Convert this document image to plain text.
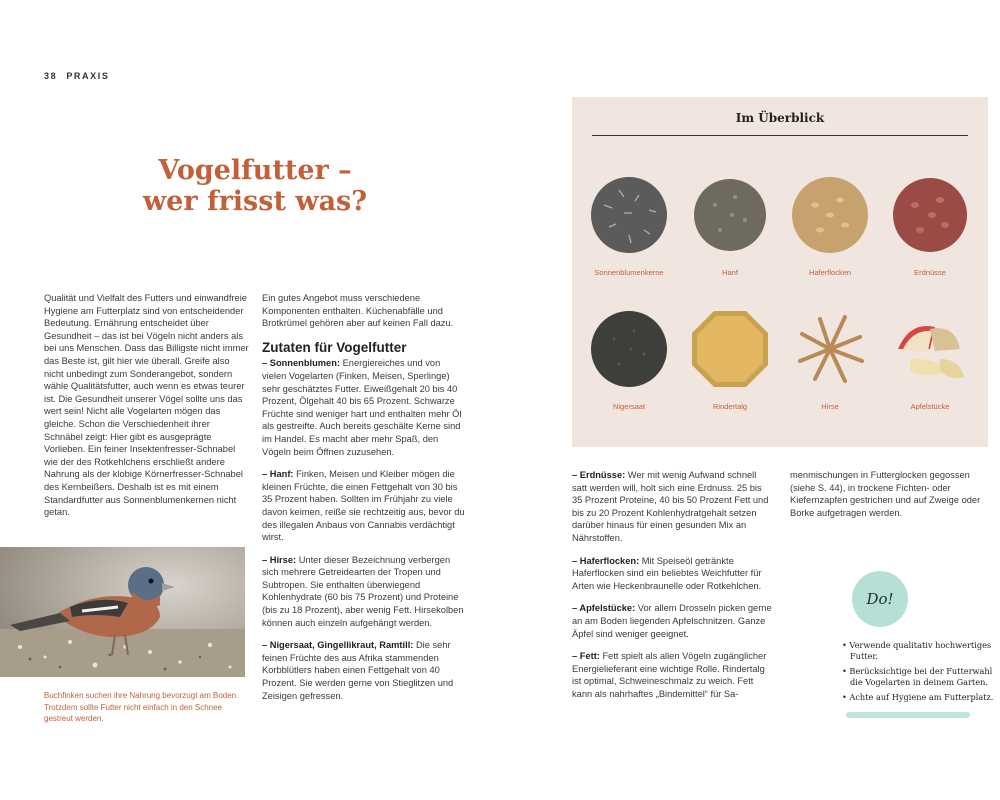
38 PRAXIS
Vogelfutter –
wer frisst was?

Qualität und Vielfalt des Futters und einwandfreie Hygiene am Futterplatz sind von entscheidender Bedeutung. Ernährung entscheidet über Gesundheit – das ist bei Vögeln nicht anders als bei uns Menschen. Dass das Billigste nicht immer das Beste ist, gilt hier wie überall. Greife also nicht unbedingt zum Sonderangebot, sondern wähle Qualitätsfutter, auch wenn es etwas teurer ist. Die Gesundheit unserer Vögel sollte uns das wert sein! Nicht alle Vogelarten mögen das gleiche. Schon die Verschiedenheit ihrer Schnäbel zeigt: Hier gibt es ausgeprägte Vorlieben. Ein feiner Insektenfresser-Schnabel wie der des Rotkehlchens erschließt andere Nahrung als der klobige Körnerfresser-Schnabel des Kernbeißers. Deshalb ist es mit einem Standardfutter aus Sonnenblumenkernen nicht getan.

Buchfinken suchen ihre Nahrung bevorzugt am Boden. Trotzdem sollte Futter nicht einfach in den Schnee gestreut werden.

Ein gutes Angebot muss verschiedene Komponenten enthalten. Küchenabfälle und Brotkrümel gehören aber auf keinen Fall dazu.

Zutaten für Vogelfutter

– Sonnenblumen: Energiereiches und von vielen Vogelarten (Finken, Meisen, Sperlinge) sehr geschätztes Futter. Eiweißgehalt 20 bis 40 Prozent, Ölgehalt 40 bis 65 Prozent. Schwarze Früchte sind weniger hart und enthalten mehr Öl als gestreifte. Auch bereits geschälte Kerne sind im Handel. Es macht aber mehr Spaß, den Vögeln beim Öffnen zuzusehen.

– Hanf: Finken, Meisen und Kleiber mögen die kleinen Früchte, die einen Fettgehalt von 30 bis 35 Prozent haben. Sollten im Frühjahr zu viele davon keimen, reiße sie rechtzeitig aus, bevor du des illegalen Anbaus von Cannabis verdächtigt wirst.

– Hirse: Unter dieser Bezeichnung verbergen sich mehrere Getreidearten der Tropen und Subtropen. Sie enthalten überwiegend Kohlenhydrate (60 bis 75 Prozent) und Proteine (bis zu 18 Prozent), aber wenig Fett. Hirsekolben können auch einzeln aufgehängt werden.

– Nigersaat, Gingellikraut, Ramtill: Die sehr feinen Früchte des aus Afrika stammenden Korbblütlers haben einen Fettgehalt von 40 Prozent. Sie werden gerne von Stieglitzen und Zeisigen gefressen.

Im Überblick
Sonnenblumenkerne	Hanf	Haferflocken	Erdnüsse
Nigersaat	Rindertalg	Hirse	Apfelstücke

– Erdnüsse: Wer mit wenig Aufwand schnell satt werden will, holt sich eine Erdnuss. 25 bis 35 Prozent Proteine, 40 bis 50 Prozent Fett und bis zu 20 Prozent Kohlenhydratgehalt setzen darüber hinaus für einen gesunden Mix an Nährstoffen.

– Haferflocken: Mit Speiseöl getränkte Haferflocken sind ein beliebtes Weichfutter für Arten wie Heckenbraunelle oder Rotkehlchen.

– Apfelstücke: Vor allem Drosseln picken gerne an am Boden liegenden Apfelschnitzen. Ganze Äpfel sind weniger geeignet.

– Fett: Fett spielt als allen Vögeln zugänglicher Energielieferant eine wichtige Rolle. Rindertalg ist optimal, Schweineschmalz zu weich. Fett kann als nahrhaftes „Bindemittel“ für Sa-

menmischungen in Futterglocken gegossen (siehe S. 44), in trockene Fichten- oder Kiefernzapfen gestrichen und auf Zweige oder Borke aufgetragen werden.

Do!
• Verwende qualitativ hochwertiges Futter.
• Berücksichtige bei der Futterwahl die Vogelarten in deinem Garten.
• Achte auf Hygiene am Futterplatz.
